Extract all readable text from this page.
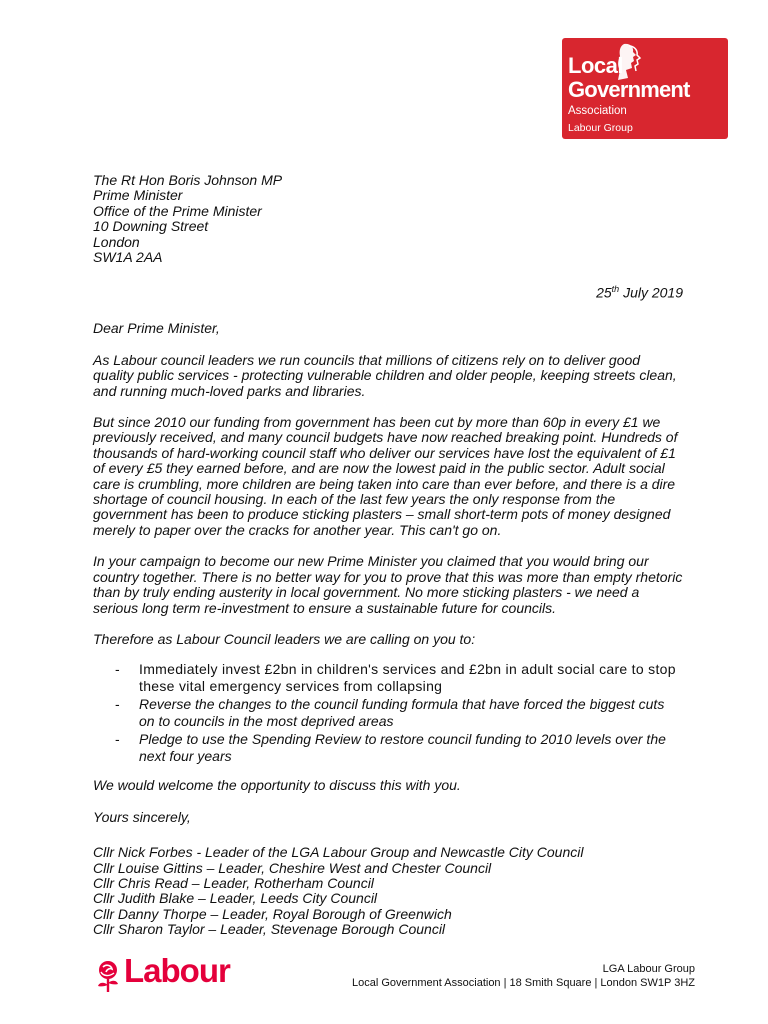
Local
Government
Association
Labour Group
The Rt Hon Boris Johnson MP
Prime Minister
Office of the Prime Minister
10 Downing Street
London
SW1A 2AA
25th July 2019
Dear Prime Minister,
As Labour council leaders we run councils that millions of citizens rely on to deliver good quality public services - protecting vulnerable children and older people, keeping streets clean, and running much-loved parks and libraries.
But since 2010 our funding from government has been cut by more than 60p in every £1 we previously received, and many council budgets have now reached breaking point. Hundreds of thousands of hard-working council staff who deliver our services have lost the equivalent of £1 of every £5 they earned before, and are now the lowest paid in the public sector. Adult social care is crumbling, more children are being taken into care than ever before, and there is a dire shortage of council housing. In each of the last few years the only response from the government has been to produce sticking plasters – small short-term pots of money designed merely to paper over the cracks for another year. This can't go on.
In your campaign to become our new Prime Minister you claimed that you would bring our country together. There is no better way for you to prove that this was more than empty rhetoric than by truly ending austerity in local government. No more sticking plasters - we need a serious long term re-investment to ensure a sustainable future for councils.
Therefore as Labour Council leaders we are calling on you to:
- Immediately invest £2bn in children's services and £2bn in adult social care to stop these vital emergency services from collapsing
- Reverse the changes to the council funding formula that have forced the biggest cuts on to councils in the most deprived areas
- Pledge to use the Spending Review to restore council funding to 2010 levels over the next four years
We would welcome the opportunity to discuss this with you.
Yours sincerely,
Cllr Nick Forbes - Leader of the LGA Labour Group and Newcastle City Council
Cllr Louise Gittins – Leader, Cheshire West and Chester Council
Cllr Chris Read – Leader, Rotherham Council
Cllr Judith Blake – Leader, Leeds City Council
Cllr Danny Thorpe – Leader, Royal Borough of Greenwich
Cllr Sharon Taylor – Leader, Stevenage Borough Council
Labour	LGA Labour Group
Local Government Association | 18 Smith Square | London SW1P 3HZ
